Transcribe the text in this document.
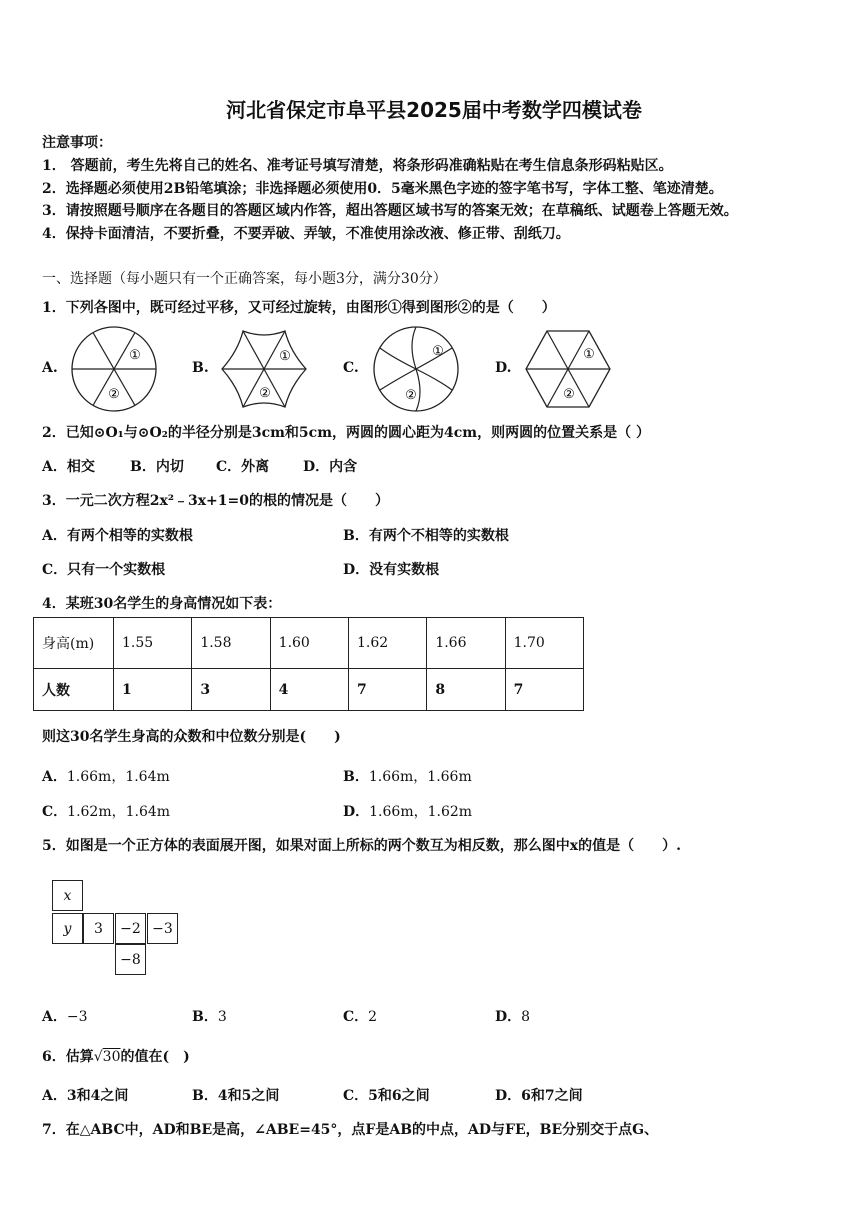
河北省保定市阜平县2025届中考数学四模试卷
注意事项：
1． 答题前，考生先将自己的姓名、准考证号填写清楚，将条形码准确粘贴在考生信息条形码粘贴区。
2．选择题必须使用2B铅笔填涂；非选择题必须使用0．5毫米黑色字迹的签字笔书写，字体工整、笔迹清楚。
3．请按照题号顺序在各题目的答题区域内作答，超出答题区域书写的答案无效；在草稿纸、试题卷上答题无效。
4．保持卡面清洁，不要折叠，不要弄破、弄皱，不准使用涂改液、修正带、刮纸刀。
一、选择题（每小题只有一个正确答案，每小题3分，满分30分）
1．下列各图中，既可经过平移，又可经过旋转，由图形①得到图形②的是（　　）
A.	B.	C.	D.
①
②
①
②
①
②
①
②
2．已知⊙O₁与⊙O₂的半径分别是3cm和5cm，两圆的圆心距为4cm，则两圆的位置关系是（ ）
A．相交	B．内切 C．外离 D．内含
3．一元二次方程2x²﹣3x+1=0的根的情况是（　　）
A．有两个相等的实数根	B．有两个不相等的实数根
C．只有一个实数根	D．没有实数根
4．某班30名学生的身高情况如下表：
身高(m)	1.55	1.58	1.60	1.62	1.66	1.70
人数	1	3	4	7	8	7
则这30名学生身高的众数和中位数分别是(　　)
A．1.66m，1.64m	B．1.66m，1.66m
C．1.62m，1.64m	D．1.66m，1.62m
5．如图是一个正方体的表面展开图，如果对面上所标的两个数互为相反数，那么图中x的值是（　　）.
x
y	3	−2 −3
−8
A．−3	B．3	C．2	D．8
6．估算√30的值在(　)
A．3和4之间	B．4和5之间	C．5和6之间	D．6和7之间
7．在△ABC中，AD和BE是高，∠ABE=45°，点F是AB的中点，AD与FE，BE分别交于点G、
